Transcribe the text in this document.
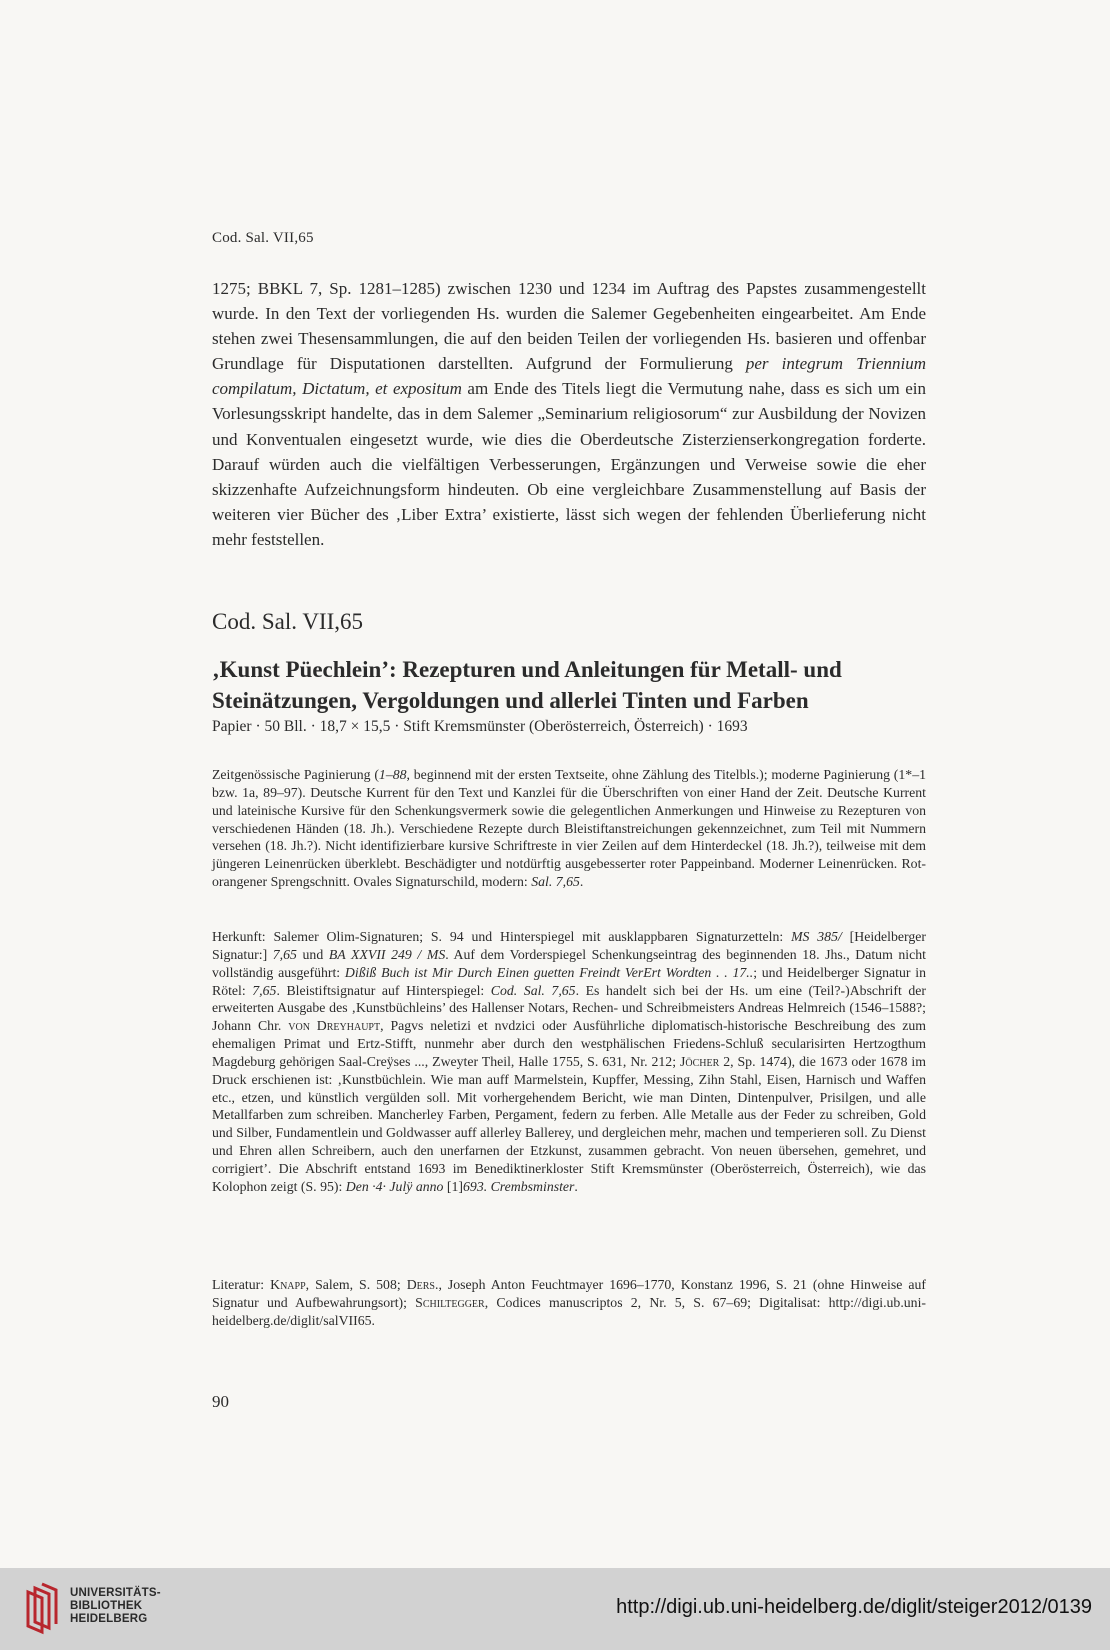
Cod. Sal. VII,65
1275; BBKL 7, Sp. 1281–1285) zwischen 1230 und 1234 im Auftrag des Papstes zusammengestellt wurde. In den Text der vorliegenden Hs. wurden die Salemer Gegebenheiten eingearbeitet. Am Ende stehen zwei Thesensammlungen, die auf den beiden Teilen der vorliegenden Hs. basieren und offenbar Grundlage für Disputationen darstellten. Aufgrund der Formulierung per integrum Triennium compilatum, Dictatum, et expositum am Ende des Titels liegt die Vermutung nahe, dass es sich um ein Vorlesungsskript handelte, das in dem Salemer „Seminarium religiosorum“ zur Ausbildung der Novizen und Konventualen eingesetzt wurde, wie dies die Oberdeutsche Zisterzienserkongregation forderte. Darauf würden auch die vielfältigen Verbesserungen, Ergänzungen und Verweise sowie die eher skizzenhafte Aufzeichnungsform hindeuten. Ob eine vergleichbare Zusammenstellung auf Basis der weiteren vier Bücher des ‚Liber Extra’ existierte, lässt sich wegen der fehlenden Überlieferung nicht mehr feststellen.
Cod. Sal. VII,65
‚Kunst Püechlein’: Rezepturen und Anleitungen für Metall- und Steinätzungen, Vergoldungen und allerlei Tinten und Farben
Papier · 50 Bll. · 18,7 × 15,5 · Stift Kremsmünster (Oberösterreich, Österreich) · 1693
Zeitgenössische Paginierung (1–88, beginnend mit der ersten Textseite, ohne Zählung des Titelbls.); moderne Paginierung (1*–1 bzw. 1a, 89–97). Deutsche Kurrent für den Text und Kanzlei für die Überschriften von einer Hand der Zeit. Deutsche Kurrent und lateinische Kursive für den Schenkungsvermerk sowie die gelegentlichen Anmerkungen und Hinweise zu Rezepturen von verschiedenen Händen (18. Jh.). Verschiedene Rezepte durch Bleistiftanstreichungen gekennzeichnet, zum Teil mit Nummern versehen (18. Jh.?). Nicht identifizierbare kursive Schriftreste in vier Zeilen auf dem Hinterdeckel (18. Jh.?), teilweise mit dem jüngeren Leinenrücken überklebt. Beschädigter und notdürftig ausgebesserter roter Pappeinband. Moderner Leinenrücken. Rot-orangener Sprengschnitt. Ovales Signaturschild, modern: Sal. 7,65.
Herkunft: Salemer Olim-Signaturen; S. 94 und Hinterspiegel mit ausklappbaren Signaturzetteln: MS 385/ [Heidelberger Signatur:] 7,65 und BA XXVII 249 / MS. Auf dem Vorderspiegel Schenkungseintrag des beginnenden 18. Jhs., Datum nicht vollständig ausgeführt: Dißiß Buch ist Mir Durch Einen guetten Freindt VerErt Wordten . . 17..; und Heidelberger Signatur in Rötel: 7,65. Bleistiftsignatur auf Hinterspiegel: Cod. Sal. 7,65. Es handelt sich bei der Hs. um eine (Teil?-)Abschrift der erweiterten Ausgabe des ‚Kunstbüchleins’ des Hallenser Notars, Rechen- und Schreibmeisters Andreas Helmreich (1546–1588?; Johann Chr. von Dreyhaupt, Pagvs neletizi et nvdzici oder Ausführliche diplomatisch-historische Beschreibung des zum ehemaligen Primat und Ertz-Stifft, nunmehr aber durch den westphälischen Friedens-Schluß secularisirten Hertzogthum Magdeburg gehörigen Saal-Creÿses ..., Zweyter Theil, Halle 1755, S. 631, Nr. 212; Jöcher 2, Sp. 1474), die 1673 oder 1678 im Druck erschienen ist: ‚Kunstbüchlein. Wie man auff Marmelstein, Kupffer, Messing, Zihn Stahl, Eisen, Harnisch und Waffen etc., etzen, und künstlich vergülden soll. Mit vorhergehendem Bericht, wie man Dinten, Dintenpulver, Prisilgen, und alle Metallfarben zum schreiben. Mancherley Farben, Pergament, federn zu ferben. Alle Metalle aus der Feder zu schreiben, Gold und Silber, Fundamentlein und Goldwasser auff allerley Ballerey, und dergleichen mehr, machen und temperieren soll. Zu Dienst und Ehren allen Schreibern, auch den unerfarnen der Etzkunst, zusammen gebracht. Von neuen übersehen, gemehret, und corrigiert’. Die Abschrift entstand 1693 im Benediktinerkloster Stift Kremsmünster (Oberösterreich, Österreich), wie das Kolophon zeigt (S. 95): Den ·4· Julÿ anno [1]693. Crembsminster.
Literatur: Knapp, Salem, S. 508; Ders., Joseph Anton Feuchtmayer 1696–1770, Konstanz 1996, S. 21 (ohne Hinweise auf Signatur und Aufbewahrungsort); Schiltegger, Codices manuscriptos 2, Nr. 5, S. 67–69; Digitalisat: http://digi.ub.uni-heidelberg.de/diglit/salVII65.
90
UNIVERSITÄTS-
BIBLIOTHEK
HEIDELBERG
http://digi.ub.uni-heidelberg.de/diglit/steiger2012/0139
